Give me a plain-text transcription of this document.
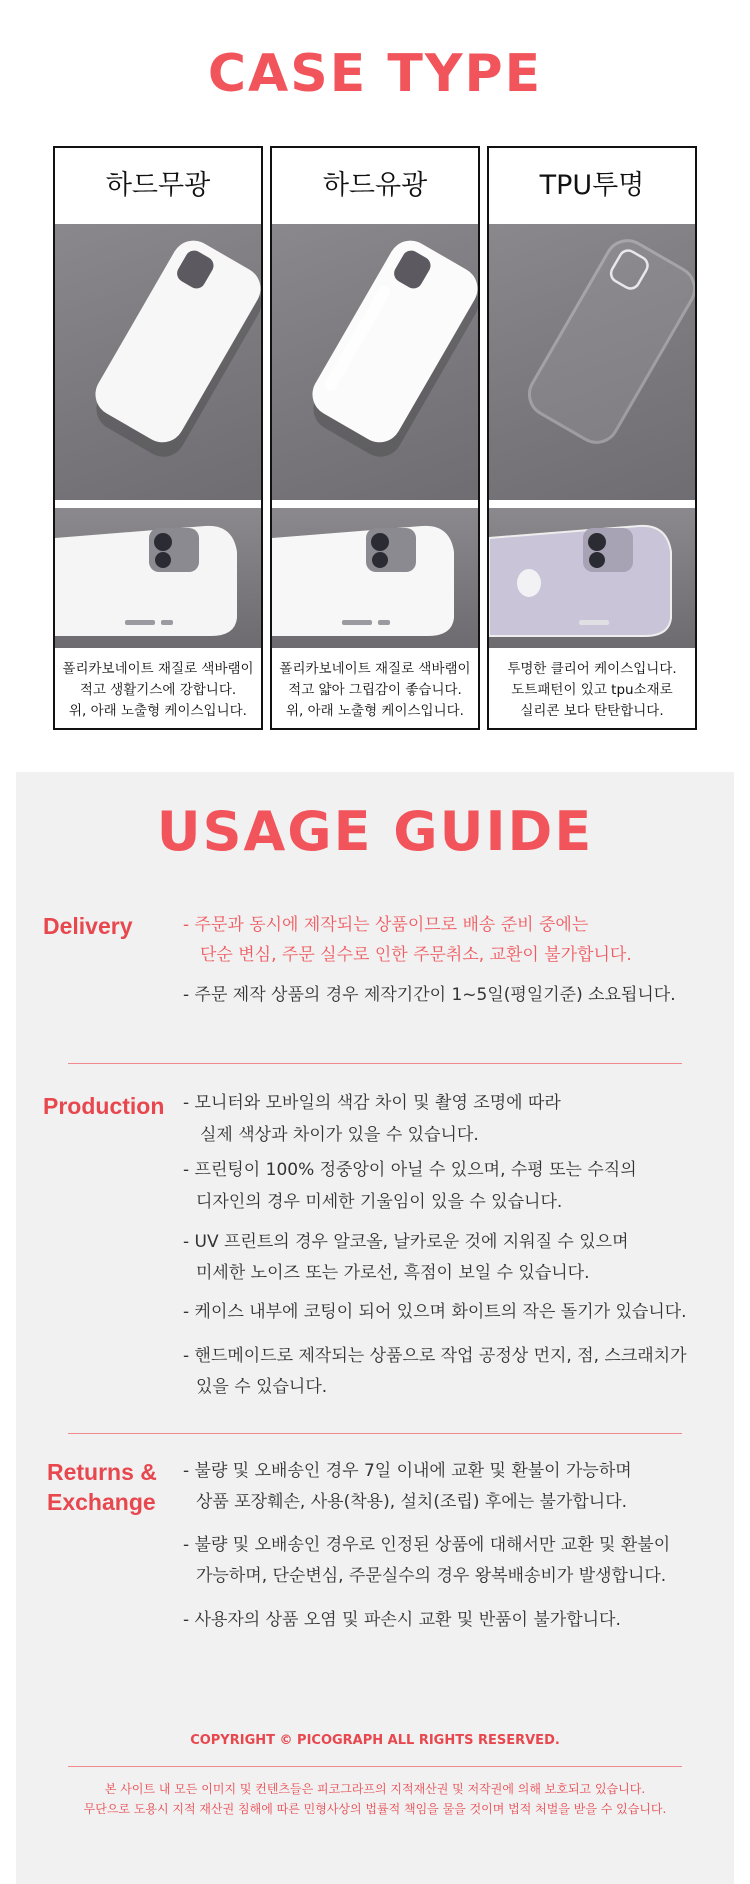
CASE TYPE
하드무광
폴리카보네이트 재질로 색바램이
적고 생활기스에 강합니다.
위, 아래 노출형 케이스입니다.
하드유광
폴리카보네이트 재질로 색바램이
적고 얇아 그립감이 좋습니다.
위, 아래 노출형 케이스입니다.
TPU투명
투명한 클리어 케이스입니다.
도트패턴이 있고 tpu소재로
실리콘 보다 탄탄합니다.
USAGE GUIDE
Delivery	- 주문과 동시에 제작되는 상품이므로 배송 준비 중에는
단순 변심, 주문 실수로 인한 주문취소, 교환이 불가합니다.
- 주문 제작 상품의 경우 제작기간이 1~5일(평일기준) 소요됩니다.
Production - 모니터와 모바일의 색감 차이 및 촬영 조명에 따라
실제 색상과 차이가 있을 수 있습니다.
- 프린팅이 100% 정중앙이 아닐 수 있으며, 수평 또는 수직의
디자인의 경우 미세한 기울임이 있을 수 있습니다.
- UV 프린트의 경우 알코올, 날카로운 것에 지워질 수 있으며
미세한 노이즈 또는 가로선, 흑점이 보일 수 있습니다.
- 케이스 내부에 코팅이 되어 있으며 화이트의 작은 돌기가 있습니다.
- 핸드메이드로 제작되는 상품으로 작업 공정상 먼지, 점, 스크래치가
있을 수 있습니다.
Returns &
Exchange
- 불량 및 오배송인 경우 7일 이내에 교환 및 환불이 가능하며
상품 포장훼손, 사용(착용), 설치(조립) 후에는 불가합니다.
- 불량 및 오배송인 경우로 인정된 상품에 대해서만 교환 및 환불이
가능하며, 단순변심, 주문실수의 경우 왕복배송비가 발생합니다.
- 사용자의 상품 오염 및 파손시 교환 및 반품이 불가합니다.
COPYRIGHT © PICOGRAPH ALL RIGHTS RESERVED.
본 사이트 내 모든 이미지 및 컨텐츠들은 피코그라프의 지적재산권 및 저작권에 의해 보호되고 있습니다.
무단으로 도용시 지적 재산권 침해에 따른 민형사상의 법률적 책임을 물을 것이며 법적 처벌을 받을 수 있습니다.
